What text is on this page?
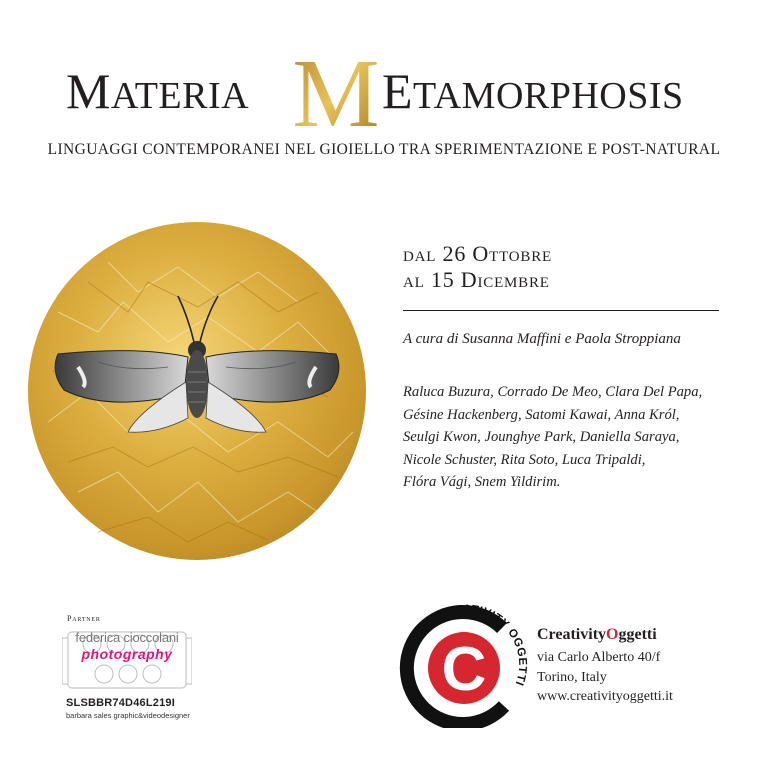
M
MATERIA	ETAMORPHOSIS
LINGUAGGI CONTEMPORANEI NEL GIOIELLO TRA SPERIMENTAZIONE E POST-NATURAL
dal 26 Ottobre
al 15 Dicembre
A cura di Susanna Maffini e Paola Stroppiana
Raluca Buzura, Corrado De Meo, Clara Del Papa,
Gésine Hackenberg, Satomi Kawai, Anna Król,
Seulgi Kwon, Jounghye Park, Daniella Saraya,
Nicole Schuster, Rita Soto, Luca Tripaldi,
Flóra Vági, Snem Yildirim.
Partner
federica cioccolani
photography
SLSBBR74D46L219I
barbara sales graphic&videodesigner
C
CREATIVITY OGGETTI
CreativityOggetti
via Carlo Alberto 40/f
Torino, Italy
www.creativityoggetti.it
